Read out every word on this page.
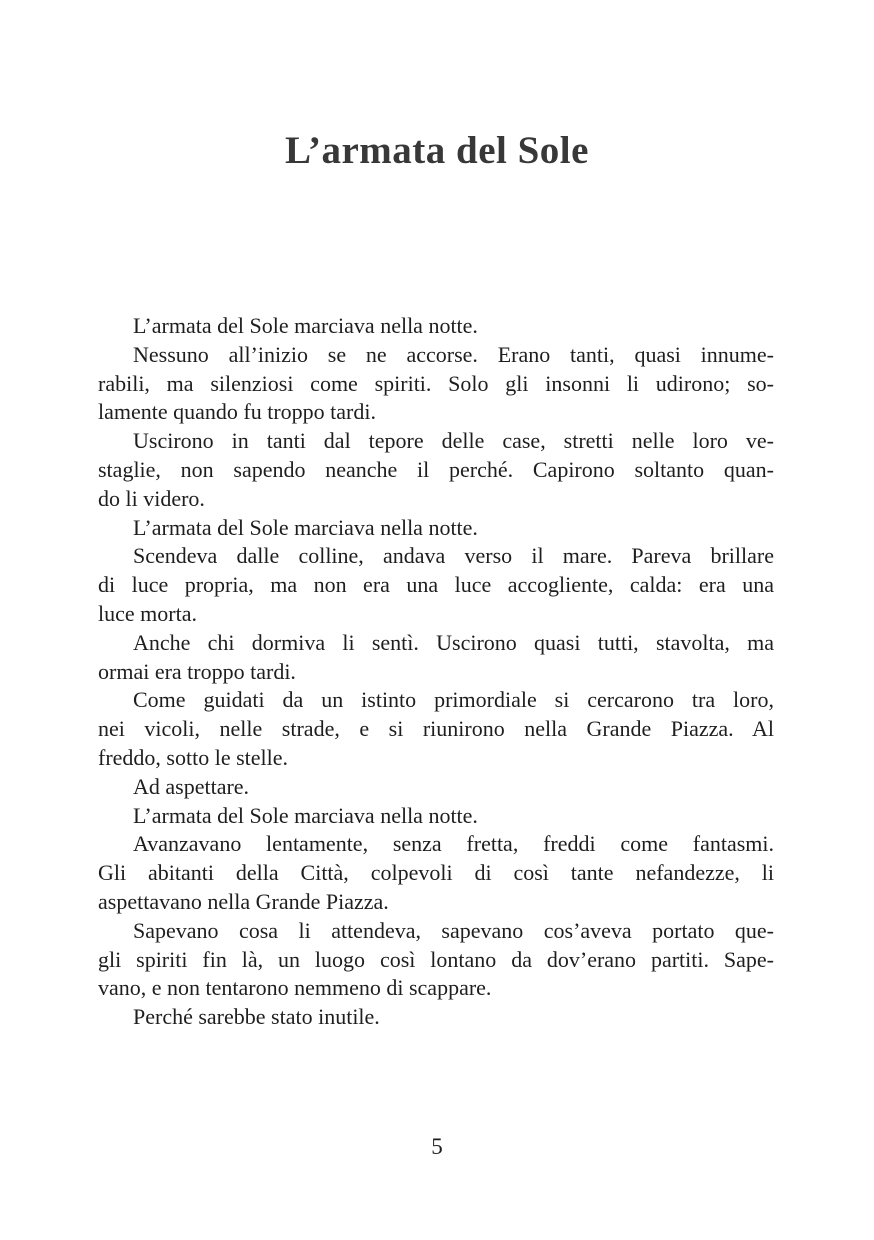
L’armata del Sole
L’armata del Sole marciava nella notte.
Nessuno all’inizio se ne accorse. Erano tanti, quasi innume-
rabili, ma silenziosi come spiriti. Solo gli insonni li udirono; so-
lamente quando fu troppo tardi.
Uscirono in tanti dal tepore delle case, stretti nelle loro ve-
staglie, non sapendo neanche il perché. Capirono soltanto quan-
do li videro.
L’armata del Sole marciava nella notte.
Scendeva dalle colline, andava verso il mare. Pareva brillare
di luce propria, ma non era una luce accogliente, calda: era una
luce morta.
Anche chi dormiva li sentì. Uscirono quasi tutti, stavolta, ma
ormai era troppo tardi.
Come guidati da un istinto primordiale si cercarono tra loro,
nei vicoli, nelle strade, e si riunirono nella Grande Piazza. Al
freddo, sotto le stelle.
Ad aspettare.
L’armata del Sole marciava nella notte.
Avanzavano lentamente, senza fretta, freddi come fantasmi.
Gli abitanti della Città, colpevoli di così tante nefandezze, li
aspettavano nella Grande Piazza.
Sapevano cosa li attendeva, sapevano cos’aveva portato que-
gli spiriti fin là, un luogo così lontano da dov’erano partiti. Sape-
vano, e non tentarono nemmeno di scappare.
Perché sarebbe stato inutile.
5
